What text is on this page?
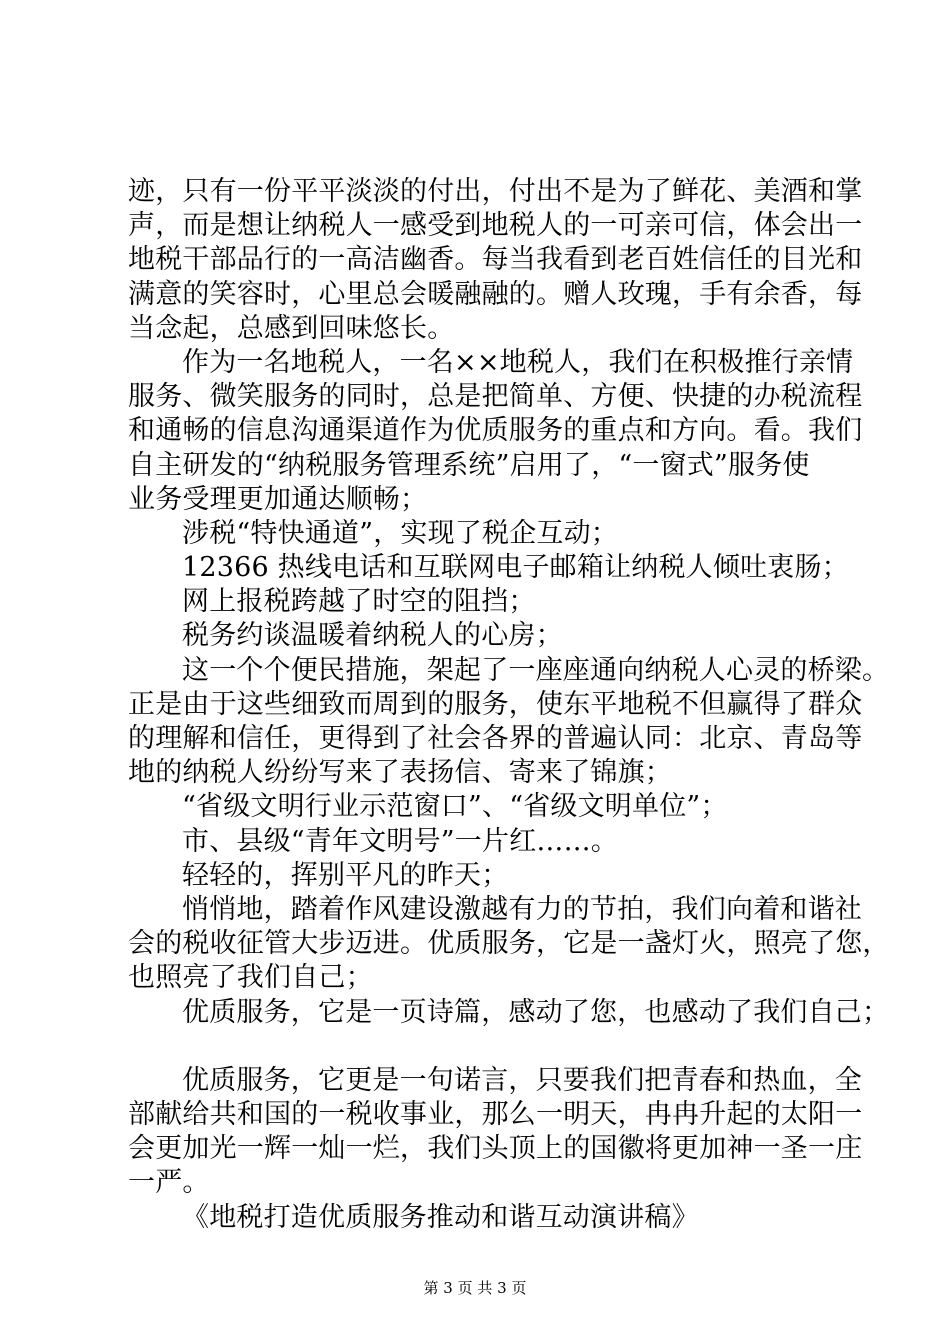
迹，只有一份平平淡淡的付出，付出不是为了鲜花、美酒和掌
声，而是想让纳税人一感受到地税人的一可亲可信，体会出一
地税干部品行的一高洁幽香。每当我看到老百姓信任的目光和
满意的笑容时，心里总会暖融融的。赠人玫瑰，手有余香，每
当念起，总感到回味悠长。
作为一名地税人，一名××地税人，我们在积极推行亲情
服务、微笑服务的同时，总是把简单、方便、快捷的办税流程
和通畅的信息沟通渠道作为优质服务的重点和方向。看。我们
自主研发的“纳税服务管理系统”启用了，“一窗式”服务使
业务受理更加通达顺畅；
涉税“特快通道”，实现了税企互动；
12366 热线电话和互联网电子邮箱让纳税人倾吐衷肠；
网上报税跨越了时空的阻挡；
税务约谈温暖着纳税人的心房；
这一个个便民措施，架起了一座座通向纳税人心灵的桥梁。
正是由于这些细致而周到的服务，使东平地税不但赢得了群众
的理解和信任，更得到了社会各界的普遍认同：北京、青岛等
地的纳税人纷纷写来了表扬信、寄来了锦旗；
“省级文明行业示范窗口”、“省级文明单位”；
市、县级“青年文明号”一片红……。
轻轻的，挥别平凡的昨天；
悄悄地，踏着作风建设激越有力的节拍，我们向着和谐社
会的税收征管大步迈进。优质服务，它是一盏灯火，照亮了您，
也照亮了我们自己；
优质服务，它是一页诗篇，感动了您，也感动了我们自己；
优质服务，它更是一句诺言，只要我们把青春和热血，全
部献给共和国的一税收事业，那么一明天，冉冉升起的太阳一
会更加光一辉一灿一烂，我们头顶上的国徽将更加神一圣一庄
一严。
《地税打造优质服务推动和谐互动演讲稿》
第 3 页 共 3 页
